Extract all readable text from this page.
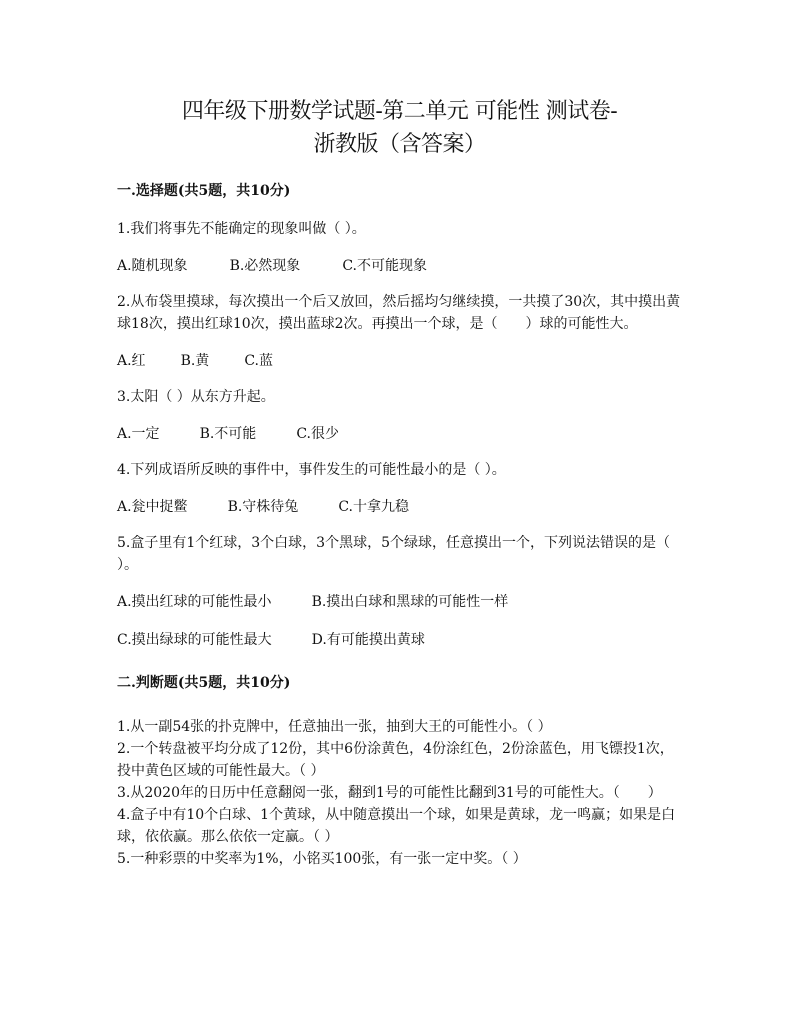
四年级下册数学试题-第二单元 可能性 测试卷-
浙教版（含答案）
一.选择题(共5题，共10分)

1.我们将事先不能确定的现象叫做（ ）。

A.随机现象	B.必然现象	C.不可能现象

2.从布袋里摸球，每次摸出一个后又放回，然后摇均匀继续摸，一共摸了30次，其中摸出黄球18次，摸出红球10次，摸出蓝球2次。再摸出一个球，是（　　）球的可能性大。

A.红	B.黄	C.蓝

3.太阳（ ）从东方升起。

A.一定	B.不可能	C.很少

4.下列成语所反映的事件中，事件发生的可能性最小的是（ ）。

A.瓮中捉鳖	B.守株待兔	C.十拿九稳

5.盒子里有1个红球，3个白球，3个黑球，5个绿球，任意摸出一个，下列说法错误的是（ ）。

A.摸出红球的可能性最小	B.摸出白球和黑球的可能性一样
C.摸出绿球的可能性最大	D.有可能摸出黄球
二.判断题(共5题，共10分)

1.从一副54张的扑克牌中，任意抽出一张，抽到大王的可能性小。（ ）

2.一个转盘被平均分成了12份，其中6份涂黄色，4份涂红色，2份涂蓝色，用飞镖投1次，投中黄色区域的可能性最大。（ ）

3.从2020年的日历中任意翻阅一张，翻到1号的可能性比翻到31号的可能性大。（　　）

4.盒子中有10个白球、1个黄球，从中随意摸出一个球，如果是黄球，龙一鸣赢；如果是白球，依依赢。那么依依一定赢。（ ）

5.一种彩票的中奖率为1%，小铭买100张，有一张一定中奖。（ ）
